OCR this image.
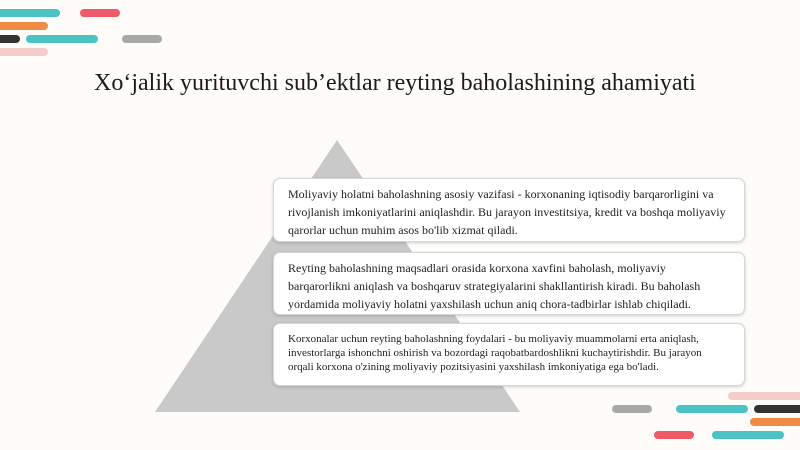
Xoʻjalik yurituvchi subʼektlar reyting baholashining ahamiyati
Moliyaviy holatni baholashning asosiy vazifasi - korxonaning iqtisodiy barqarorligini va rivojlanish imkoniyatlarini aniqlashdir. Bu jarayon investitsiya, kredit va boshqa moliyaviy qarorlar uchun muhim asos bo'lib xizmat qiladi.
Reyting baholashning maqsadlari orasida korxona xavfini baholash, moliyaviy barqarorlikni aniqlash va boshqaruv strategiyalarini shakllantirish kiradi. Bu baholash yordamida moliyaviy holatni yaxshilash uchun aniq chora-tadbirlar ishlab chiqiladi.
Korxonalar uchun reyting baholashning foydalari - bu moliyaviy muammolarni erta aniqlash, investorlarga ishonchni oshirish va bozordagi raqobatbardoshlikni kuchaytirishdir. Bu jarayon orqali korxona o'zining moliyaviy pozitsiyasini yaxshilash imkoniyatiga ega bo'ladi.
